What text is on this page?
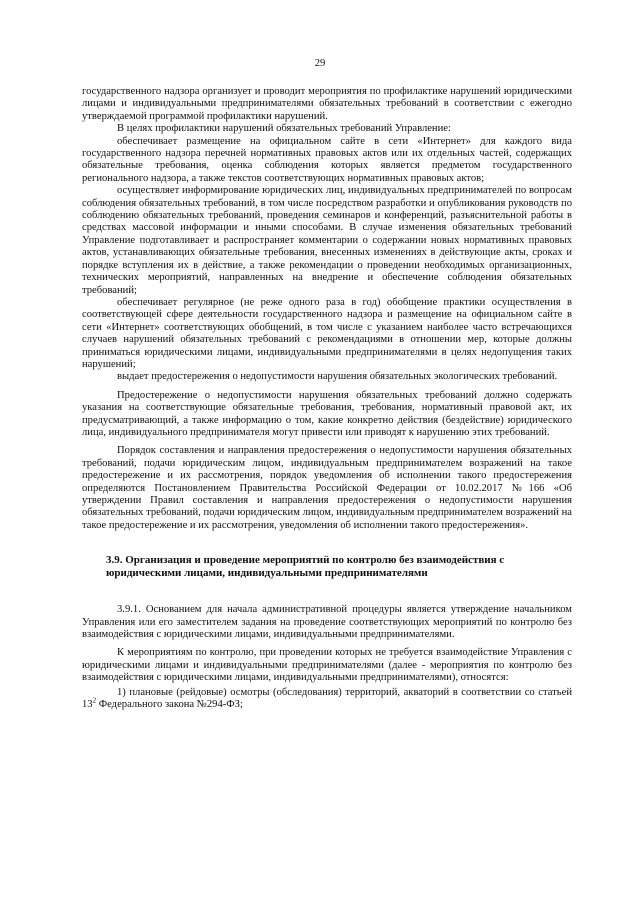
29

государственного надзора организует и проводит мероприятия по профилактике нарушений юридическими лицами и индивидуальными предпринимателями обязательных требований в соответствии с ежегодно утверждаемой программой профилактики нарушений.

В целях профилактики нарушений обязательных требований Управление:

обеспечивает размещение на официальном сайте в сети «Интернет» для каждого вида государственного надзора перечней нормативных правовых актов или их отдельных частей, содержащих обязательные требования, оценка соблюдения которых является предметом государственного регионального надзора, а также текстов соответствующих нормативных правовых актов;

осуществляет информирование юридических лиц, индивидуальных предпринимателей по вопросам соблюдения обязательных требований, в том числе посредством разработки и опубликования руководств по соблюдению обязательных требований, проведения семинаров и конференций, разъяснительной работы в средствах массовой информации и иными способами. В случае изменения обязательных требований Управление подготавливает и распространяет комментарии о содержании новых нормативных правовых актов, устанавливающих обязательные требования, внесенных изменениях в действующие акты, сроках и порядке вступления их в действие, а также рекомендации о проведении необходимых организационных, технических мероприятий, направленных на внедрение и обеспечение соблюдения обязательных требований;

обеспечивает регулярное (не реже одного раза в год) обобщение практики осуществления в соответствующей сфере деятельности государственного надзора и размещение на официальном сайте в сети «Интернет» соответствующих обобщений, в том числе с указанием наиболее часто встречающихся случаев нарушений обязательных требований с рекомендациями в отношении мер, которые должны приниматься юридическими лицами, индивидуальными предпринимателями в целях недопущения таких нарушений;

выдает предостережения о недопустимости нарушения обязательных экологических требований.

Предостережение о недопустимости нарушения обязательных требований должно содержать указания на соответствующие обязательные требования, требования, нормативный правовой акт, их предусматривающий, а также информацию о том, какие конкретно действия (бездействие) юридического лица, индивидуального предпринимателя могут привести или приводят к нарушению этих требований.

Порядок составления и направления предостережения о недопустимости нарушения обязательных требований, подачи юридическим лицом, индивидуальным предпринимателем возражений на такое предостережение и их рассмотрения, порядок уведомления об исполнении такого предостережения определяются Постановлением Правительства Российской Федерации от 10.02.2017 №166 «Об утверждении Правил составления и направления предостережения о недопустимости нарушения обязательных требований, подачи юридическим лицом, индивидуальным предпринимателем возражений на такое предостережение и их рассмотрения, уведомления об исполнении такого предостережения».

3.9. Организация и проведение мероприятий по контролю без взаимодействия с юридическими лицами, индивидуальными предпринимателями

3.9.1. Основанием для начала административной процедуры является утверждение начальником Управления или его заместителем задания на проведение соответствующих мероприятий по контролю без взаимодействия с юридическими лицами, индивидуальными предпринимателями.

К мероприятиям по контролю, при проведении которых не требуется взаимодействие Управления с юридическими лицами и индивидуальными предпринимателями (далее - мероприятия по контролю без взаимодействия с юридическими лицами, индивидуальными предпринимателями), относятся:

1) плановые (рейдовые) осмотры (обследования) территорий, акваторий в соответствии со статьей $13^2$ Федерального закона №294-ФЗ;
